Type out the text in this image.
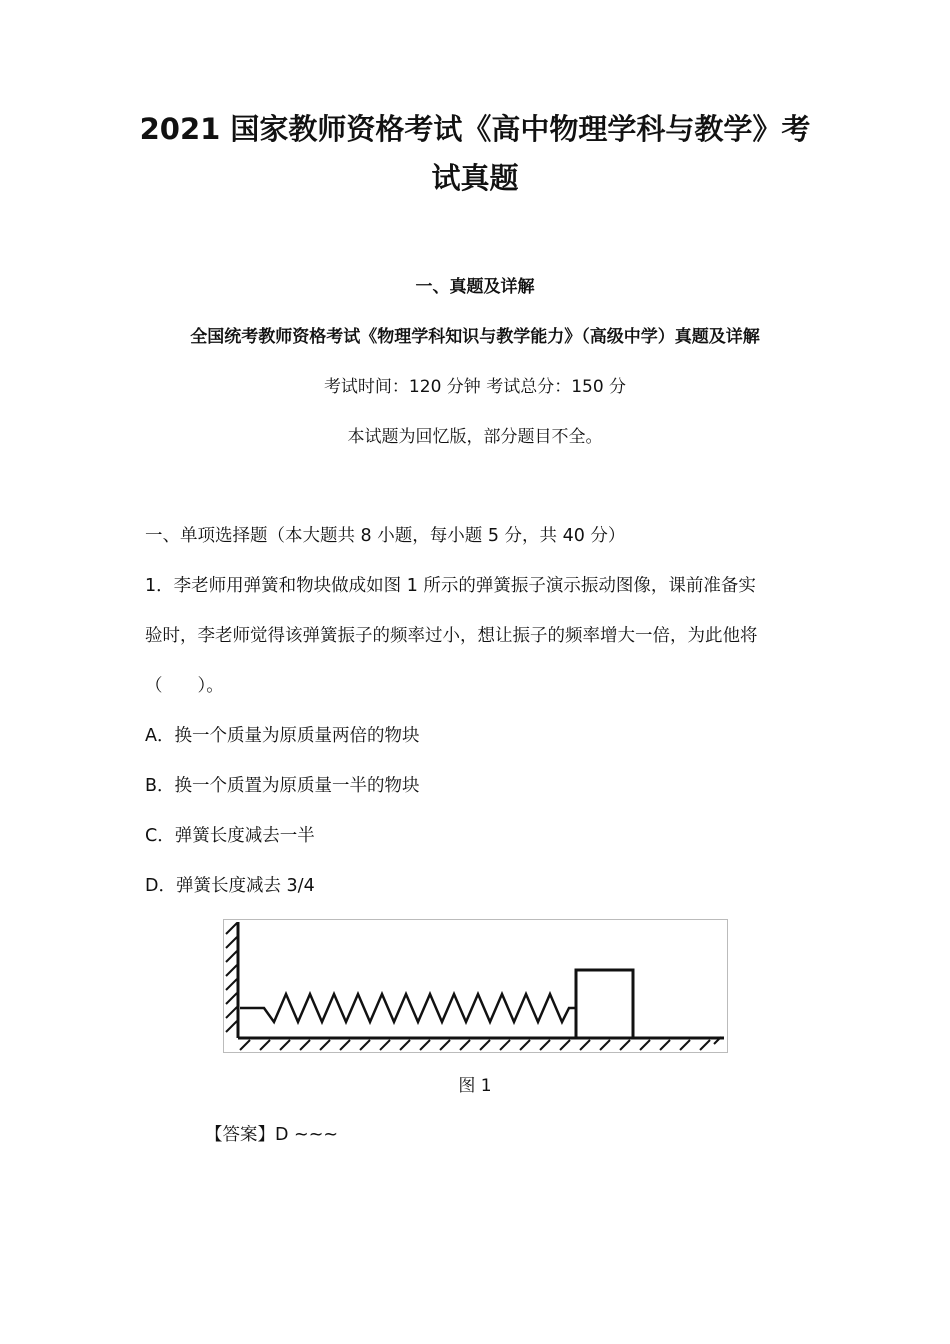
2021 国家教师资格考试《高中物理学科与教学》考
试真题
一、真题及详解
全国统考教师资格考试《物理学科知识与教学能力》（高级中学）真题及详解
考试时间：120 分钟 考试总分：150 分
本试题为回忆版，部分题目不全。
一、单项选择题（本大题共 8 小题，每小题 5 分，共 40 分）
1．李老师用弹簧和物块做成如图 1 所示的弹簧振子演示振动图像，课前准备实
验时，李老师觉得该弹簧振子的频率过小，想让振子的频率增大一倍，为此他将
（　　）。
A．换一个质量为原质量两倍的物块
B．换一个质置为原质量一半的物块
C．弹簧长度减去一半
D．弹簧长度减去 3/4
图 1
【答案】D ~~~
